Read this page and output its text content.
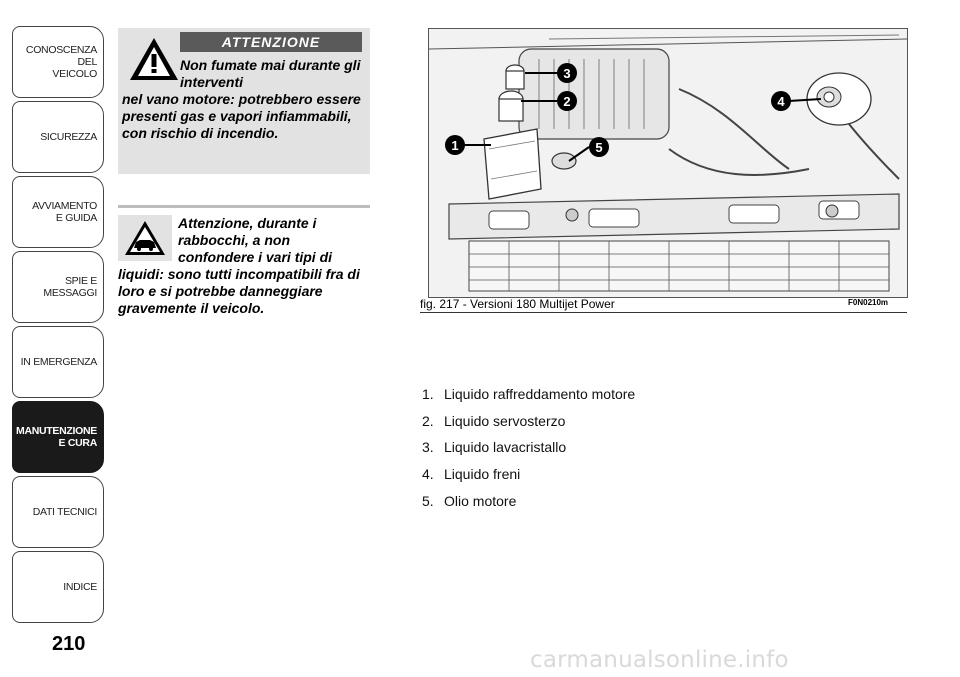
CONOSCENZA
DEL
VEICOLO
SICUREZZA
AVVIAMENTO
E GUIDA
SPIE E
MESSAGGI
IN EMERGENZA
MANUTENZIONE
E CURA
DATI TECNICI
INDICE
210
ATTENZIONE
Non fumate mai durante gli interventi
nel vano motore: potrebbero essere presenti gas e vapori infiammabili, con rischio di incendio.
Attenzione, durante i rabbocchi, a non confondere i vari tipi di
liquidi: sono tutti incompatibili fra di loro e si potrebbe danneggiare gravemente il veicolo.
1
2
3
4
5
fig. 217 - Versioni 180 Multijet Power	F0N0210m
1. Liquido raffreddamento motore
2. Liquido servosterzo
3. Liquido lavacristallo
4. Liquido freni
5. Olio motore
carmanualsonline.info
